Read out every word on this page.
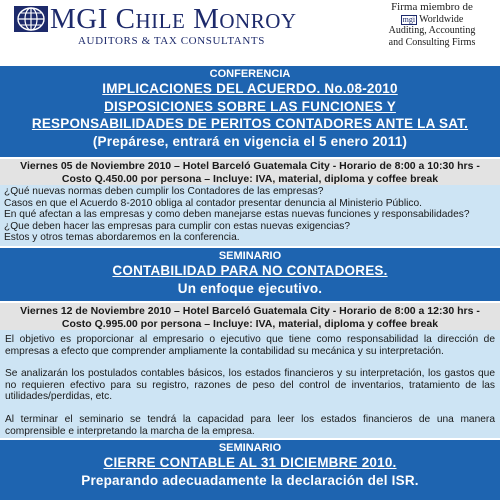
MGI CHILE MONROY
AUDITORS & TAX CONSULTANTS
Firma miembro de
mgi Worldwide
Auditing, Accounting
and Consulting Firms
CONFERENCIA
IMPLICACIONES DEL ACUERDO. No.08-2010
DISPOSICIONES SOBRE LAS FUNCIONES Y
RESPONSABILIDADES DE PERITOS CONTADORES ANTE LA SAT.
(Prepárese, entrará en vigencia el 5 enero 2011)
Viernes 05 de Noviembre 2010 – Hotel Barceló Guatemala City - Horario de 8:00 a 10:30 hrs -
Costo Q.450.00 por persona – Incluye: IVA, material, diploma y coffee break
¿Qué nuevas normas deben cumplir los Contadores de las empresas?
Casos en que el Acuerdo 8-2010 obliga al contador presentar denuncia al Ministerio Público.
En qué afectan a las empresas y como deben manejarse estas nuevas funciones y responsabilidades?
¿Que deben hacer las empresas para cumplir con estas nuevas exigencias?
Estos y otros temas abordaremos en la conferencia.
SEMINARIO
CONTABILIDAD PARA NO CONTADORES.
Un enfoque ejecutivo.
Viernes 12 de Noviembre 2010 – Hotel Barceló Guatemala City - Horario de 8:00 a 12:30 hrs -
Costo Q.995.00 por persona – Incluye: IVA, material, diploma y coffee break

El objetivo es proporcionar al empresario o ejecutivo que tiene como responsabilidad la dirección de empresas a efecto que comprender ampliamente la contabilidad su mecánica y su interpretación.

Se analizarán los postulados contables básicos, los estados financieros y su interpretación, los gastos que no requieren efectivo para su registro, razones de peso del control de inventarios, tratamiento de las utilidades/perdidas, etc.

Al terminar el seminario se tendrá la capacidad para leer los estados financieros de una manera comprensible e interpretando la marcha de la empresa.

SEMINARIO
CIERRE CONTABLE AL 31 DICIEMBRE 2010.
Preparando adecuadamente la declaración del ISR.
